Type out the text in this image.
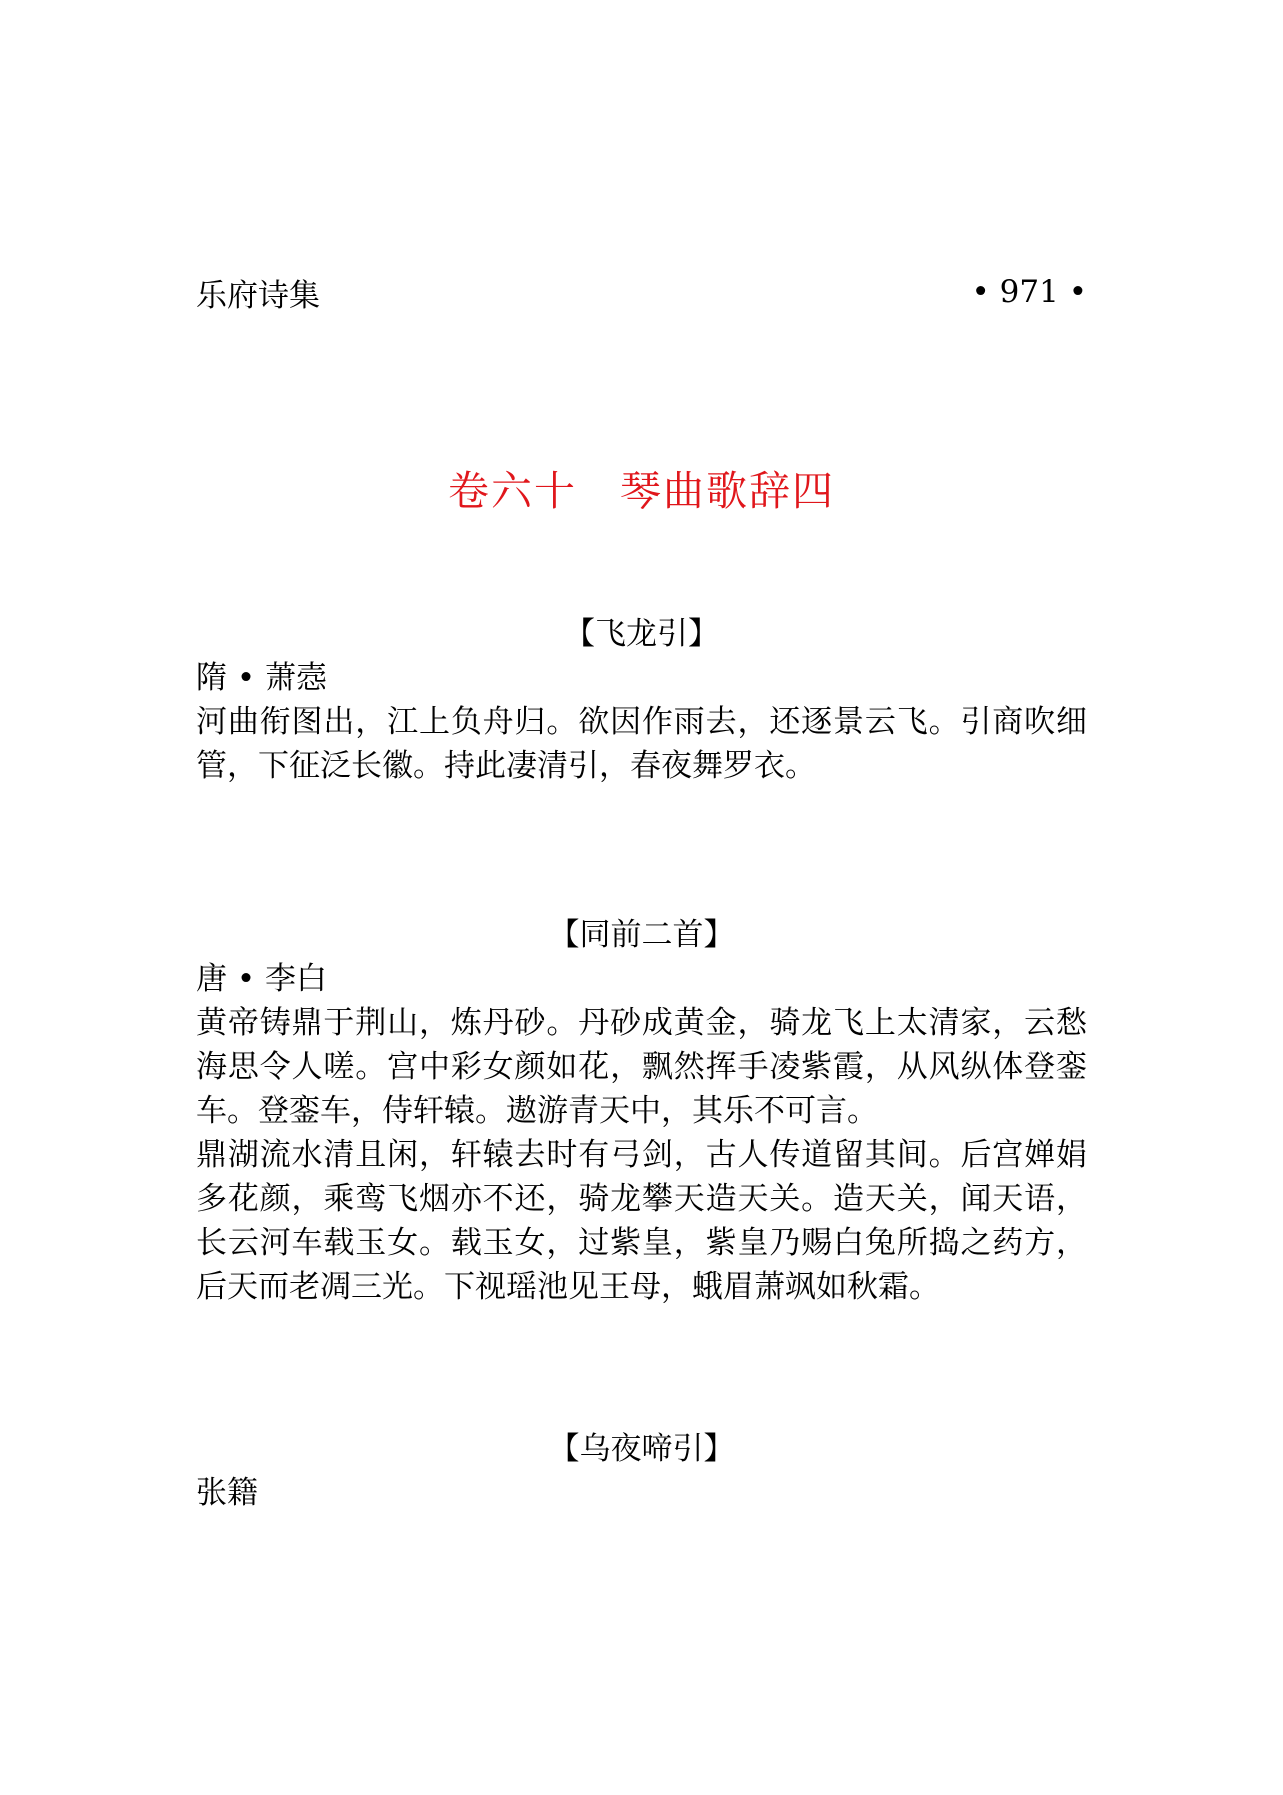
乐府诗集	• 971 •
卷六十　琴曲歌辞四
【飞龙引】
隋 • 萧悫

河曲衔图出，江上负舟归。欲因作雨去，还逐景云飞。引商吹细管，下征泛长徽。持此凄清引，春夜舞罗衣。

【同前二首】
唐 • 李白

黄帝铸鼎于荆山，炼丹砂。丹砂成黄金，骑龙飞上太清家，云愁海思令人嗟。宫中彩女颜如花，飘然挥手凌紫霞，从风纵体登銮车。登銮车，侍轩辕。遨游青天中，其乐不可言。

鼎湖流水清且闲，轩辕去时有弓剑，古人传道留其间。后宫婵娟多花颜，乘鸾飞烟亦不还，骑龙攀天造天关。造天关，闻天语，长云河车载玉女。载玉女，过紫皇，紫皇乃赐白兔所捣之药方，后天而老凋三光。下视瑶池见王母，蛾眉萧飒如秋霜。

【乌夜啼引】
张籍
